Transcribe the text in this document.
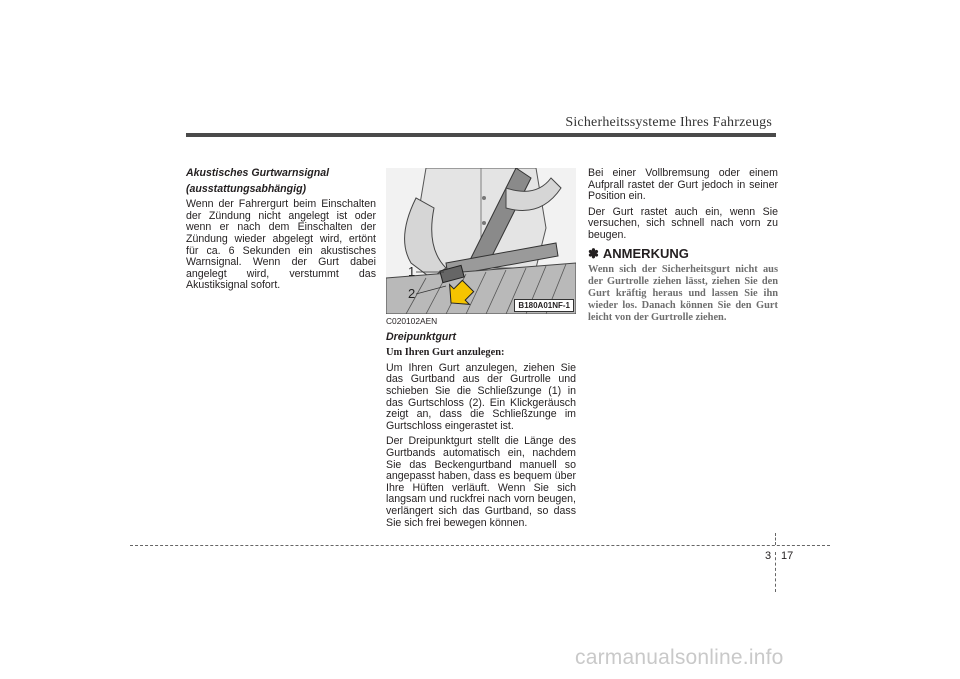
Sicherheitssysteme Ihres Fahrzeugs

Akustisches Gurtwarnsignal

(ausstattungsabhängig)

Wenn der Fahrergurt beim Einschalten der Zündung nicht angelegt ist oder wenn er nach dem Einschalten der Zündung wieder abgelegt wird, ertönt für ca. 6 Sekunden ein akustisches Warnsignal. Wenn der Gurt dabei angelegt wird, verstummt das Akustiksignal sofort.

1
2
B180A01NF-1

C020102AEN

Dreipunktgurt

Um Ihren Gurt anzulegen:

Um Ihren Gurt anzulegen, ziehen Sie das Gurtband aus der Gurtrolle und schieben Sie die Schließzunge (1) in das Gurtschloss (2). Ein Klickgeräusch zeigt an, dass die Schließzunge im Gurtschloss eingerastet ist.

Der Dreipunktgurt stellt die Länge des Gurtbands automatisch ein, nachdem Sie das Beckengurtband manuell so angepasst haben, dass es bequem über Ihre Hüften verläuft. Wenn Sie sich langsam und ruckfrei nach vorn beugen, verlängert sich das Gurtband, so dass Sie sich frei bewegen können.

Bei einer Vollbremsung oder einem Aufprall rastet der Gurt jedoch in seiner Position ein.

Der Gurt rastet auch ein, wenn Sie versuchen, sich schnell nach vorn zu beugen.

✽ ANMERKUNG

Wenn sich der Sicherheitsgurt nicht aus der Gurtrolle ziehen lässt, ziehen Sie den Gurt kräftig heraus und lassen Sie ihn wieder los. Danach können Sie den Gurt leicht von der Gurtrolle ziehen.

3 17
carmanualsonline.info
